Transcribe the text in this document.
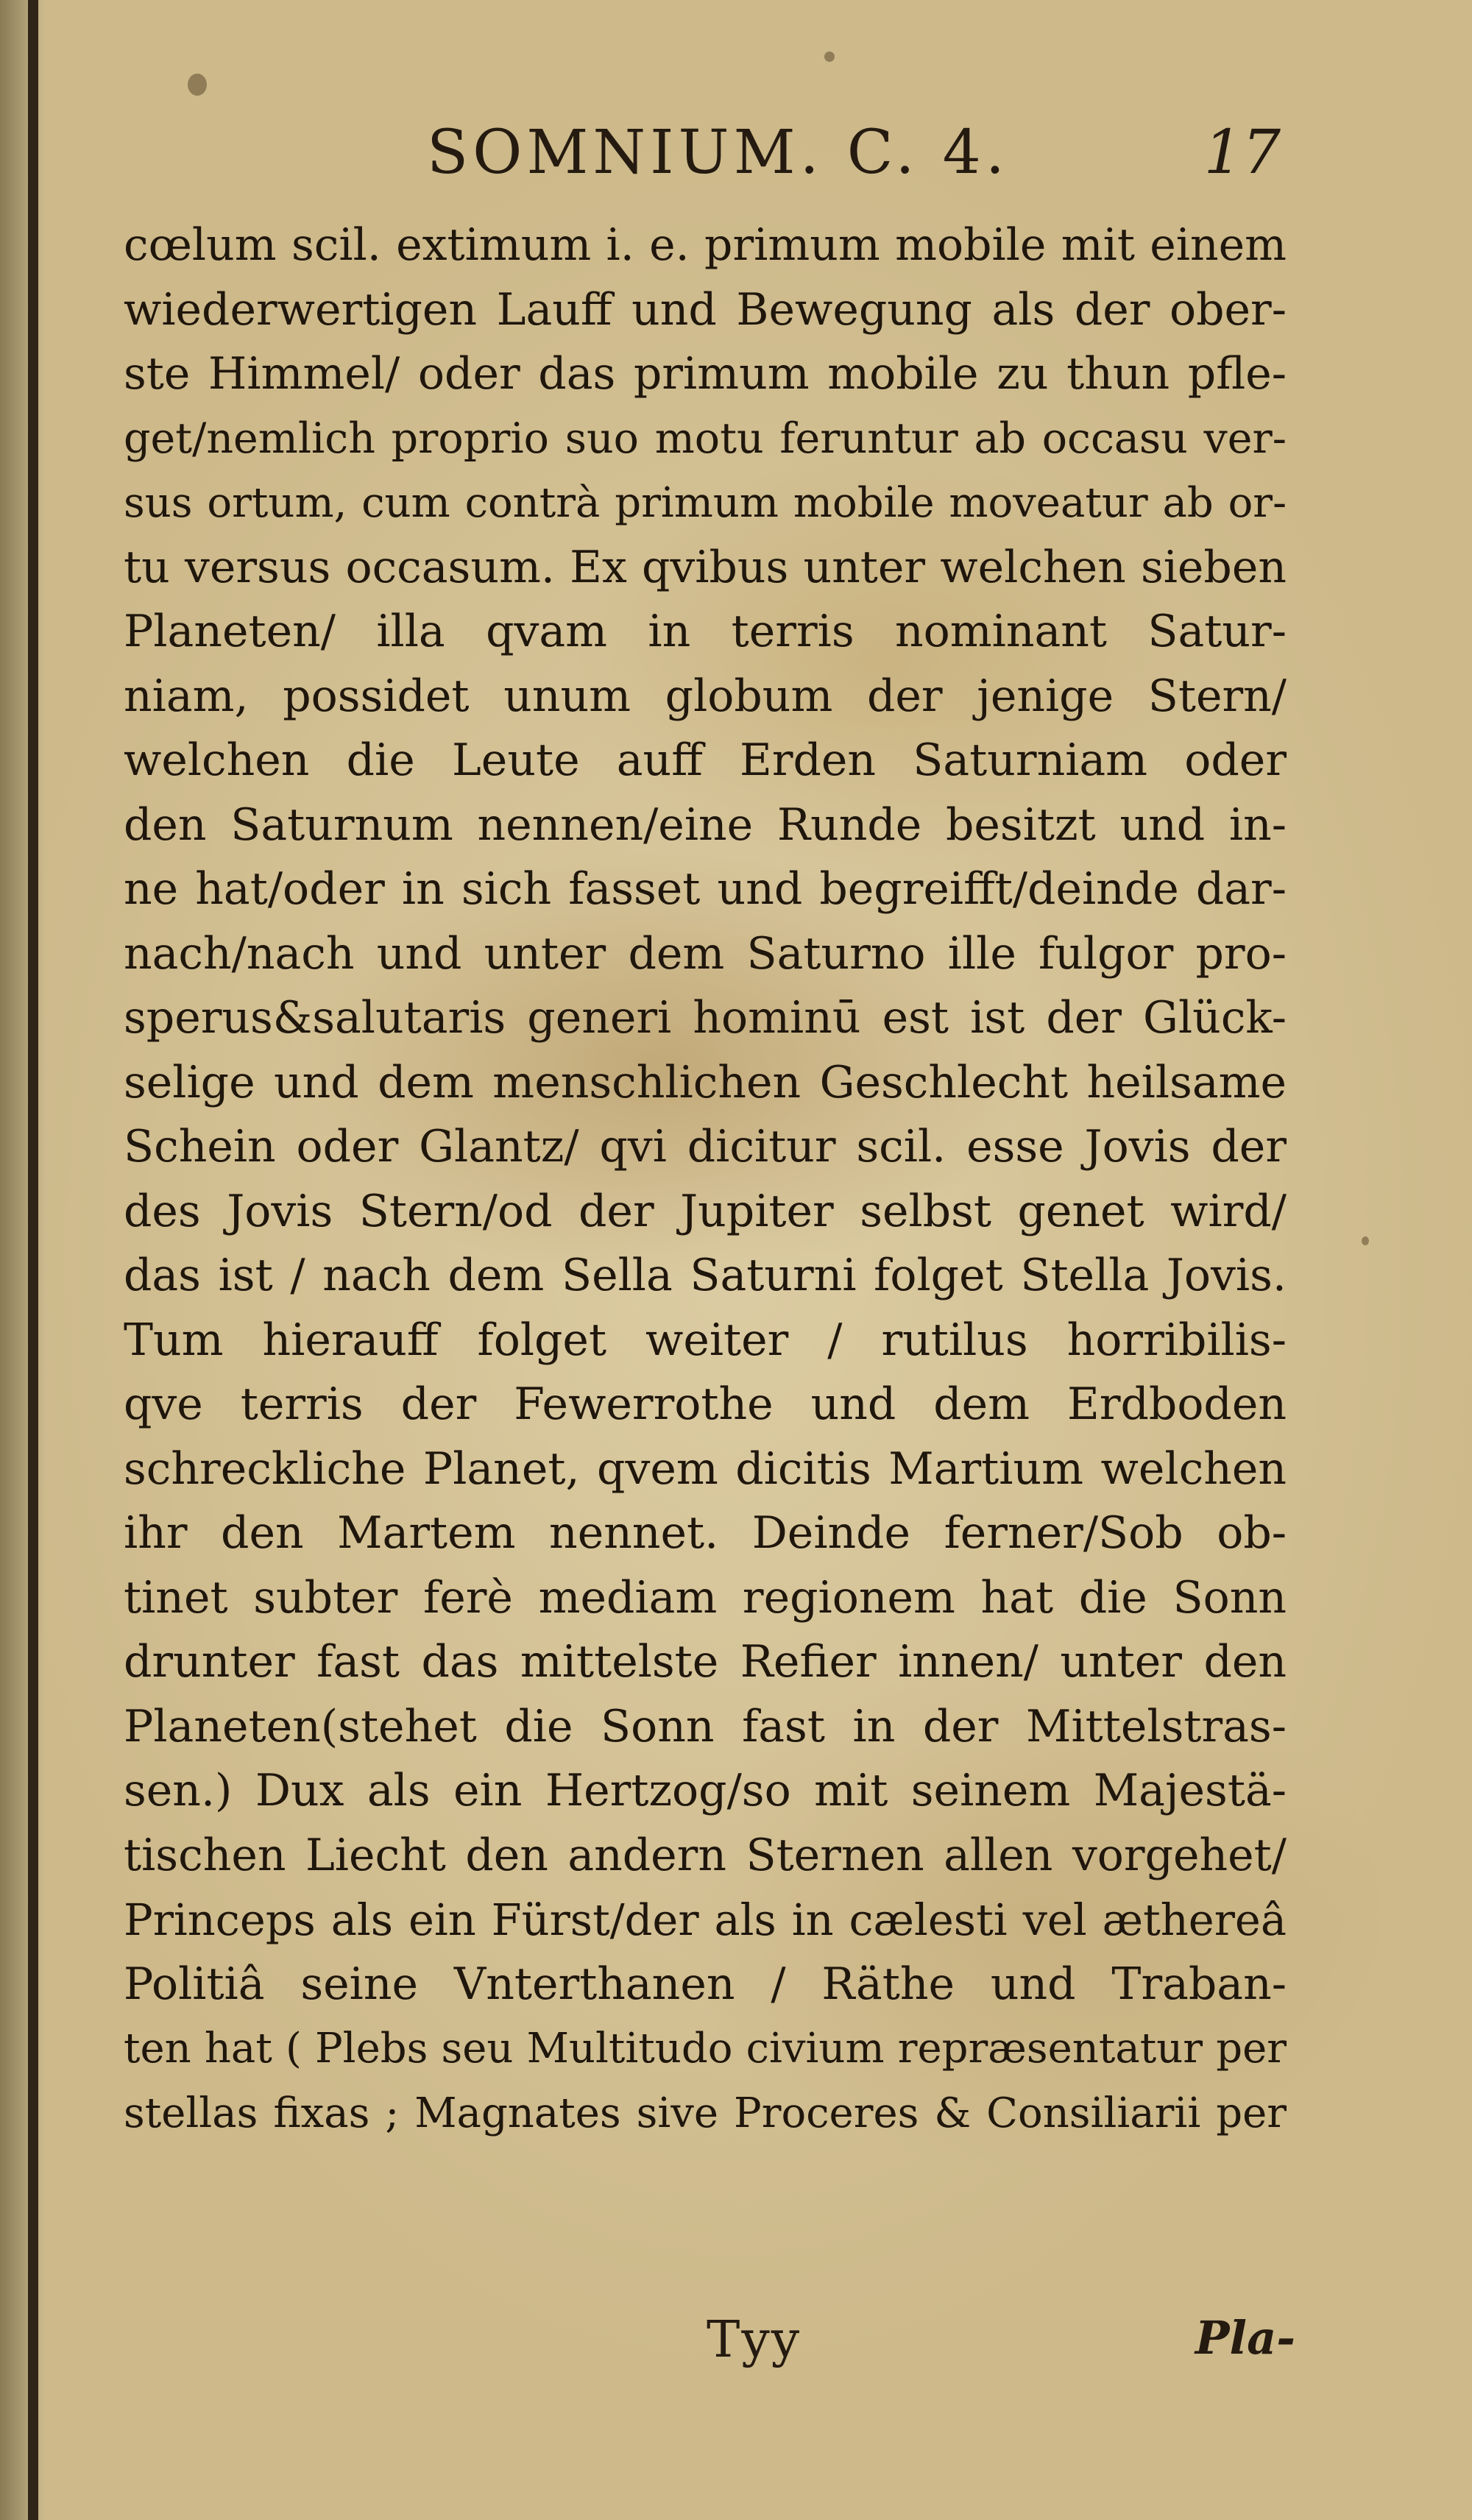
SOMNIUM. C. 4.	17
cœlum scil. extimum i. e. primum mobile mit einem
wiederwertigen Lauff und Bewegung als der ober-
ste Himmel/ oder das primum mobile zu thun pfle-
get/nemlich proprio suo motu feruntur ab occasu ver-
sus ortum, cum contrà primum mobile moveatur ab or-
tu versus occasum. Ex qvibus unter welchen sieben
Planeten/ illa qvam in terris nominant Satur-
niam, possidet unum globum der jenige Stern/
welchen die Leute auff Erden Saturniam oder
den Saturnum nennen/eine Runde besitzt und in-
ne hat/oder in sich fasset und begreifft/deinde dar-
nach/nach und unter dem Saturno ille fulgor pro-
sperus&salutaris generi hominū est ist der Glück-
selige und dem menschlichen Geschlecht heilsame
Schein oder Glantz/ qvi dicitur scil. esse Jovis der
des Jovis Stern/od der Jupiter selbst genet wird/
das ist / nach dem Sella Saturni folget Stella Jovis.
Tum hierauff folget weiter / rutilus horribilis-
qve terris der Fewerrothe und dem Erdboden
schreckliche Planet, qvem dicitis Martium welchen
ihr den Martem nennet. Deinde ferner/Sob ob-
tinet subter ferè mediam regionem hat die Sonn
drunter fast das mittelste Refier innen/ unter den
Planeten(stehet die Sonn fast in der Mittelstras-
sen.) Dux als ein Hertzog/so mit seinem Majestä-
tischen Liecht den andern Sternen allen vorgehet/
Princeps als ein Fürst/der als in cælesti vel æthereâ
Politiâ seine Vnterthanen / Räthe und Traban-
ten hat ( Plebs seu Multitudo civium repræsentatur per
stellas fixas ; Magnates sive Proceres & Consiliarii per
Tyy	Pla-
